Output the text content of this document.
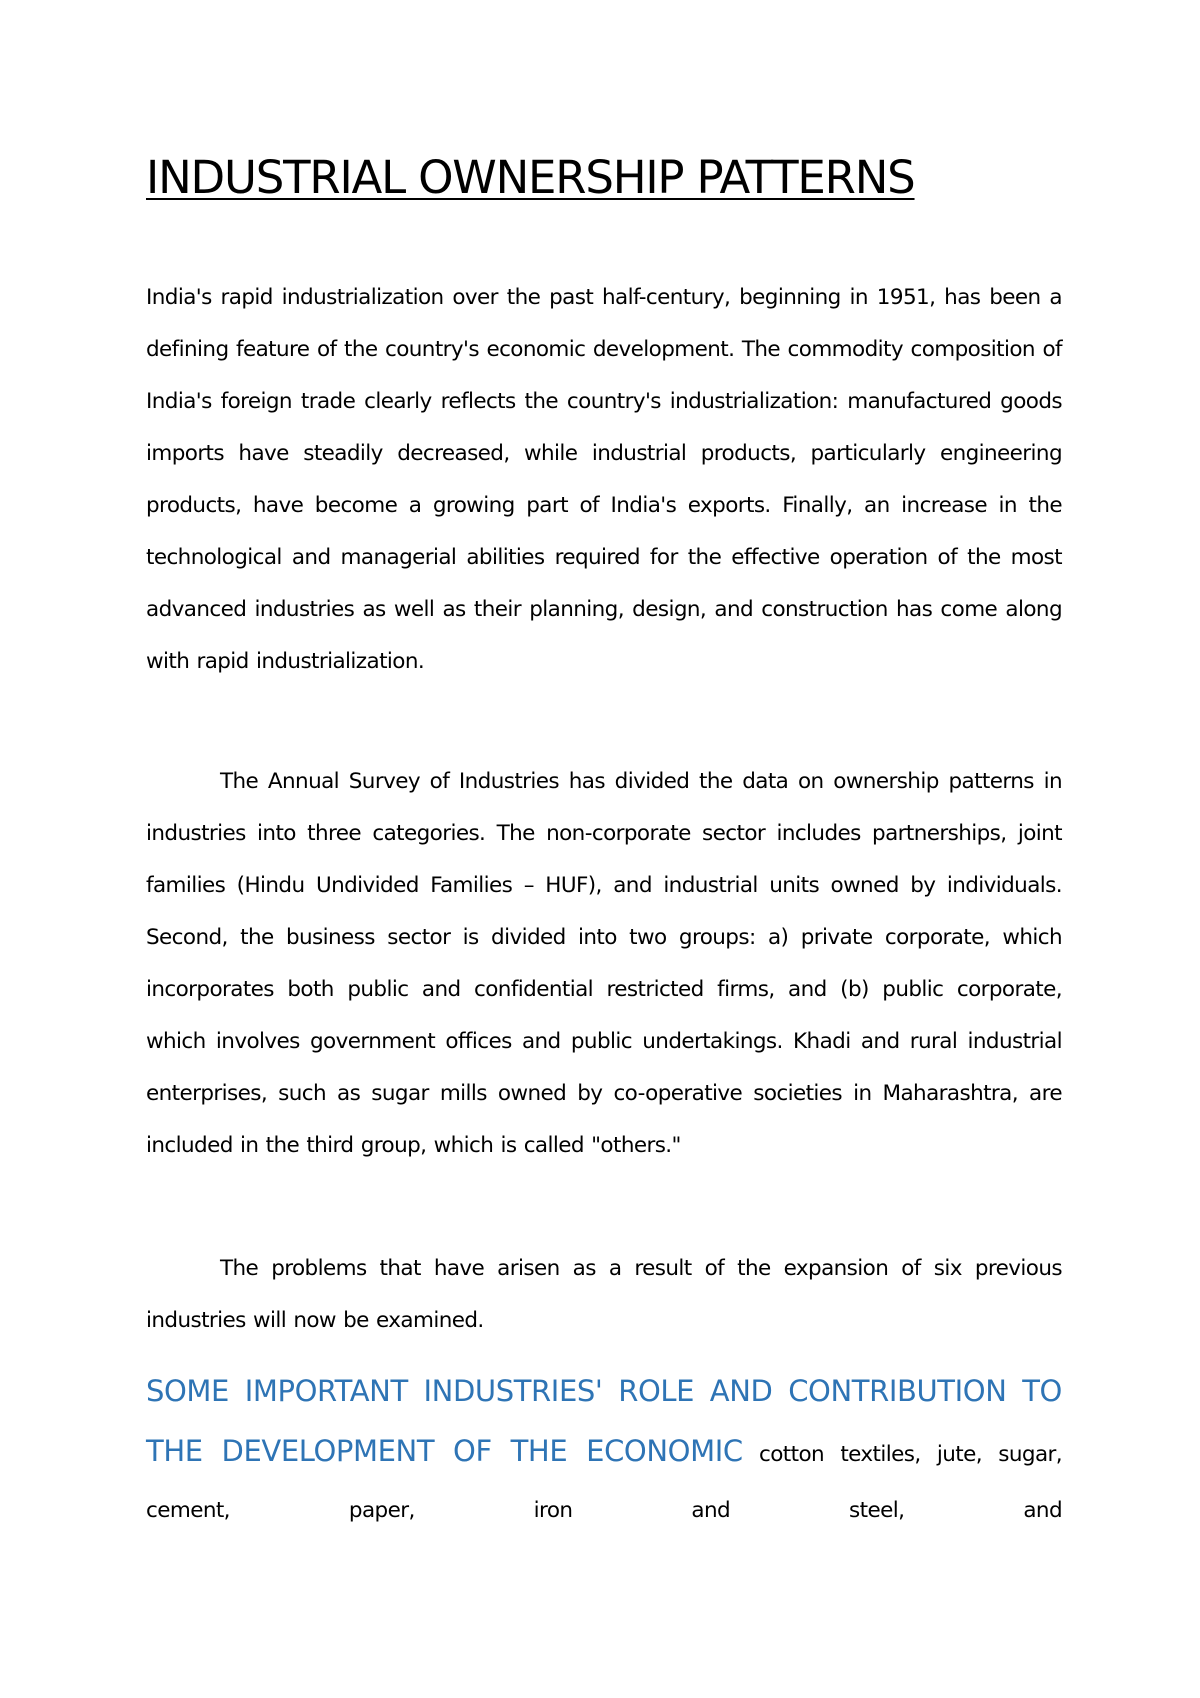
INDUSTRIAL OWNERSHIP PATTERNS

India's rapid industrialization over the past half-century, beginning in 1951, has been a defining feature of the country's economic development. The commodity composition of India's foreign trade clearly reflects the country's industrialization: manufactured goods imports have steadily decreased, while industrial products, particularly engineering products, have become a growing part of India's exports. Finally, an increase in the technological and managerial abilities required for the effective operation of the most advanced industries as well as their planning, design, and construction has come along with rapid industrialization.

The Annual Survey of Industries has divided the data on ownership patterns in industries into three categories. The non-corporate sector includes partnerships, joint families (Hindu Undivided Families – HUF), and industrial units owned by individuals. Second, the business sector is divided into two groups: a) private corporate, which incorporates both public and confidential restricted firms, and (b) public corporate, which involves government offices and public undertakings. Khadi and rural industrial enterprises, such as sugar mills owned by co-operative societies in Maharashtra, are included in the third group, which is called "others."

The problems that have arisen as a result of the expansion of six previous industries will now be examined.

SOME IMPORTANT INDUSTRIES' ROLE AND CONTRIBUTION TO THE DEVELOPMENT OF THE ECONOMIC cotton textiles, jute, sugar, cement, paper, iron and steel, and
